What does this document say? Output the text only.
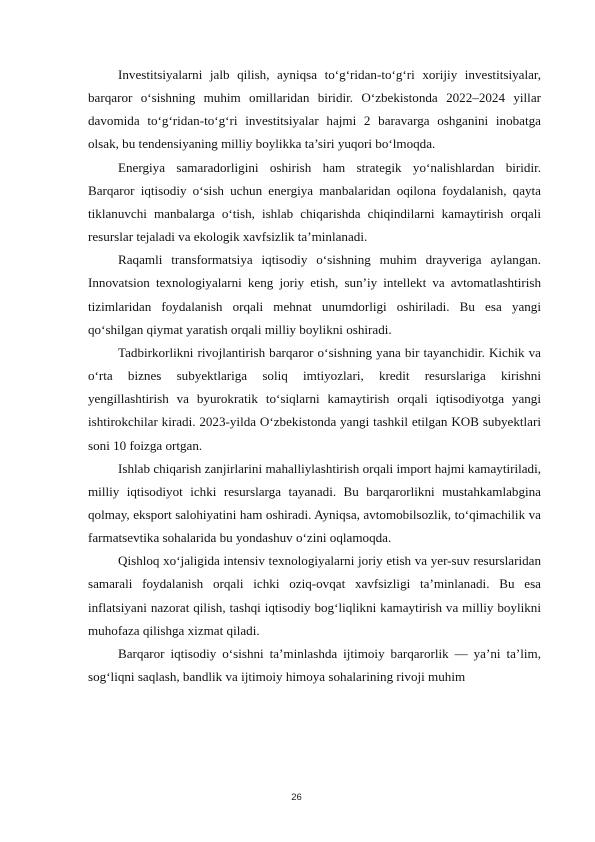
Investitsiyalarni jalb qilish, ayniqsa to‘g‘ridan-to‘g‘ri xorijiy investitsiyalar, barqaror o‘sishning muhim omillaridan biridir. O‘zbekistonda 2022–2024 yillar davomida to‘g‘ridan-to‘g‘ri investitsiyalar hajmi 2 baravarga oshganini inobatga olsak, bu tendensiyaning milliy boylikka ta’siri yuqori bo‘lmoqda.

Energiya samaradorligini oshirish ham strategik yo‘nalishlardan biridir. Barqaror iqtisodiy o‘sish uchun energiya manbalaridan oqilona foydalanish, qayta tiklanuvchi manbalarga o‘tish, ishlab chiqarishda chiqindilarni kamaytirish orqali resurslar tejaladi va ekologik xavfsizlik ta’minlanadi.

Raqamli transformatsiya iqtisodiy o‘sishning muhim drayveriga aylangan. Innovatsion texnologiyalarni keng joriy etish, sun’iy intellekt va avtomatlashtirish tizimlaridan foydalanish orqali mehnat unumdorligi oshiriladi. Bu esa yangi qo‘shilgan qiymat yaratish orqali milliy boylikni oshiradi.

Tadbirkorlikni rivojlantirish barqaror o‘sishning yana bir tayanchidir. Kichik va o‘rta biznes subyektlariga soliq imtiyozlari, kredit resurslariga kirishni yengillashtirish va byurokratik to‘siqlarni kamaytirish orqali iqtisodiyotga yangi ishtirokchilar kiradi. 2023-yilda O‘zbekistonda yangi tashkil etilgan KOB subyektlari soni 10 foizga ortgan.

Ishlab chiqarish zanjirlarini mahalliylashtirish orqali import hajmi kamaytiriladi, milliy iqtisodiyot ichki resurslarga tayanadi. Bu barqarorlikni mustahkamlabgina qolmay, eksport salohiyatini ham oshiradi. Ayniqsa, avtomobilsozlik, to‘qimachilik va farmatsevtika sohalarida bu yondashuv o‘zini oqlamoqda.

Qishloq xo‘jaligida intensiv texnologiyalarni joriy etish va yer-suv resurslaridan samarali foydalanish orqali ichki oziq-ovqat xavfsizligi ta’minlanadi. Bu esa inflatsiyani nazorat qilish, tashqi iqtisodiy bog‘liqlikni kamaytirish va milliy boylikni muhofaza qilishga xizmat qiladi.

Barqaror iqtisodiy o‘sishni ta’minlashda ijtimoiy barqarorlik — ya’ni ta’lim, sog‘liqni saqlash, bandlik va ijtimoiy himoya sohalarining rivoji muhim

26
